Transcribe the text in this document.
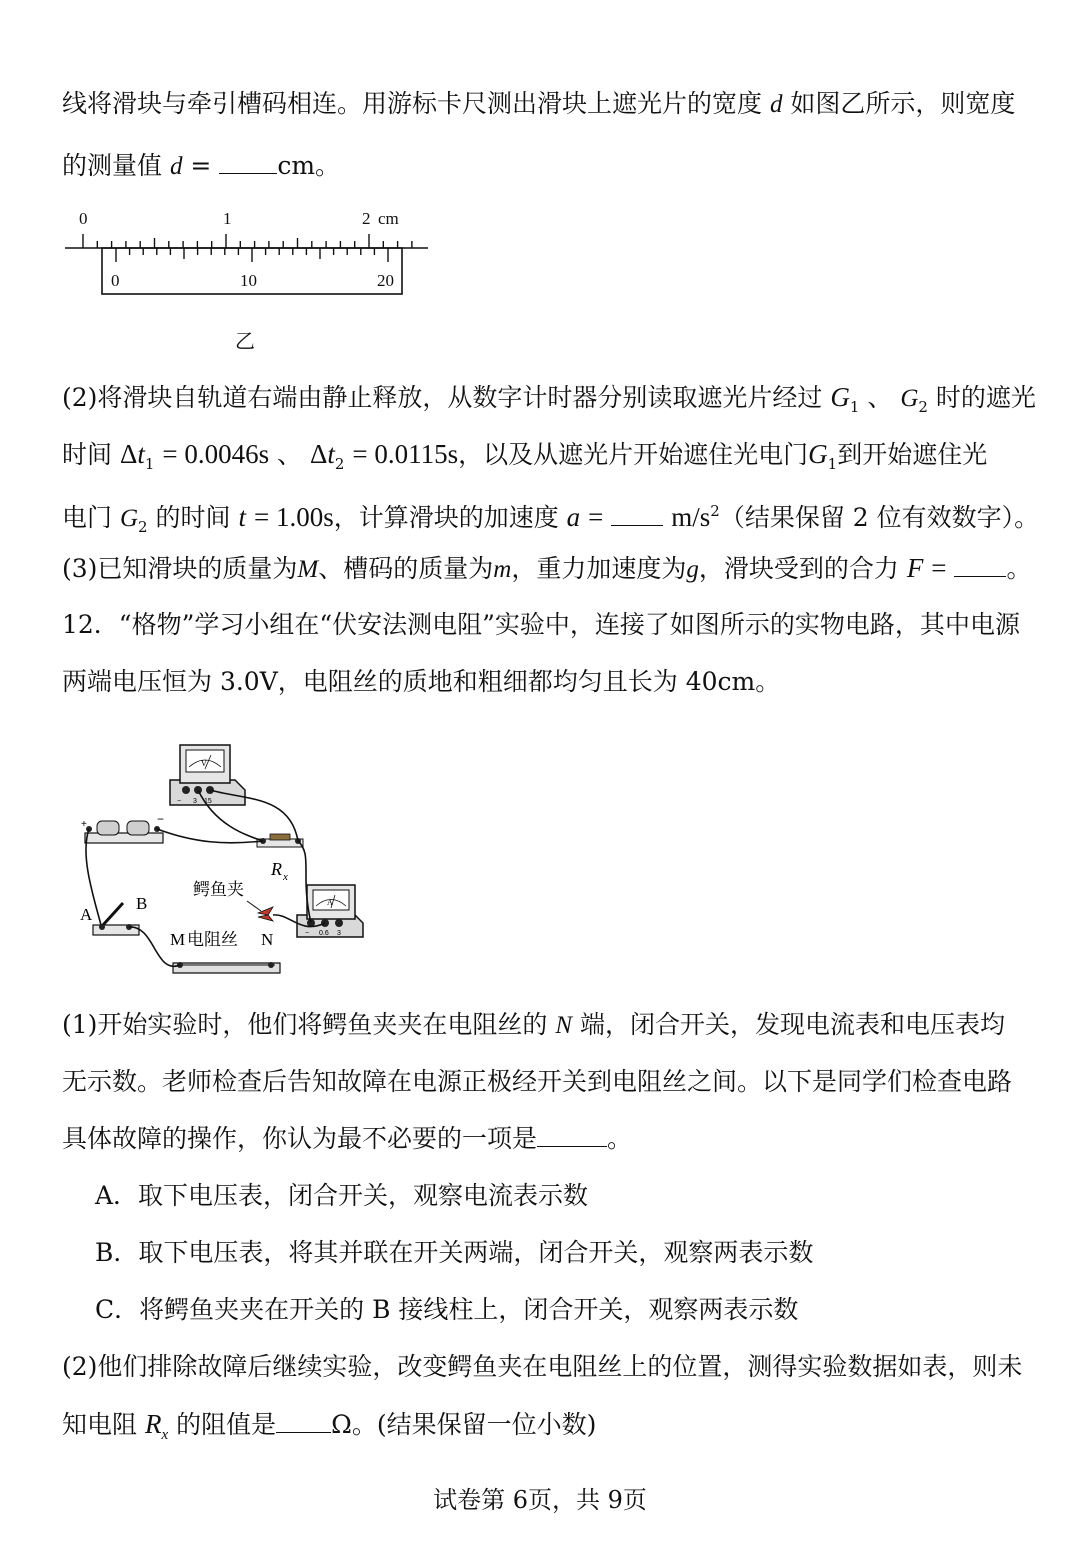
线将滑块与牵引槽码相连。用游标卡尺测出滑块上遮光片的宽度 d 如图乙所示，则宽度
的测量值 d =	cm。
0	1	2 cm
0	10	20
乙
(2)将滑块自轨道右端由静止释放，从数字计时器分别读取遮光片经过 $G_1$ 、 $G_2$ 时的遮光
时间 $\Delta t_1 = 0.0046s$ 、 $\Delta t_2 = 0.0115s$，以及从遮光片开始遮住光电门$G_1$到开始遮住光
电门 $G_2$ 的时间 t = 1.00s，计算滑块的加速度 a =	$m/s^2$（结果保留 2 位有效数字）。
(3)已知滑块的质量为M、槽码的质量为m，重力加速度为g，滑块受到的合力 F = 。
12．“格物”学习小组在“伏安法测电阻”实验中，连接了如图所示的实物电路，其中电源
两端电压恒为 3.0V，电阻丝的质地和粗细都均匀且长为 40cm。
V
− 3 15
+	−
R x
A
− 0.6 3
A
B
M 电阻丝 N
鳄鱼夹
(1)开始实验时，他们将鳄鱼夹夹在电阻丝的 N 端，闭合开关，发现电流表和电压表均
无示数。老师检查后告知故障在电源正极经开关到电阻丝之间。以下是同学们检查电路
具体故障的操作，你认为最不必要的一项是	。
A．取下电压表，闭合开关，观察电流表示数
B．取下电压表，将其并联在开关两端，闭合开关，观察两表示数
C．将鳄鱼夹夹在开关的 B 接线柱上，闭合开关，观察两表示数
(2)他们排除故障后继续实验，改变鳄鱼夹在电阻丝上的位置，测得实验数据如表，则未
知电阻 $R_x$ 的阻值是 Ω。(结果保留一位小数)
试卷第 6页，共 9页
